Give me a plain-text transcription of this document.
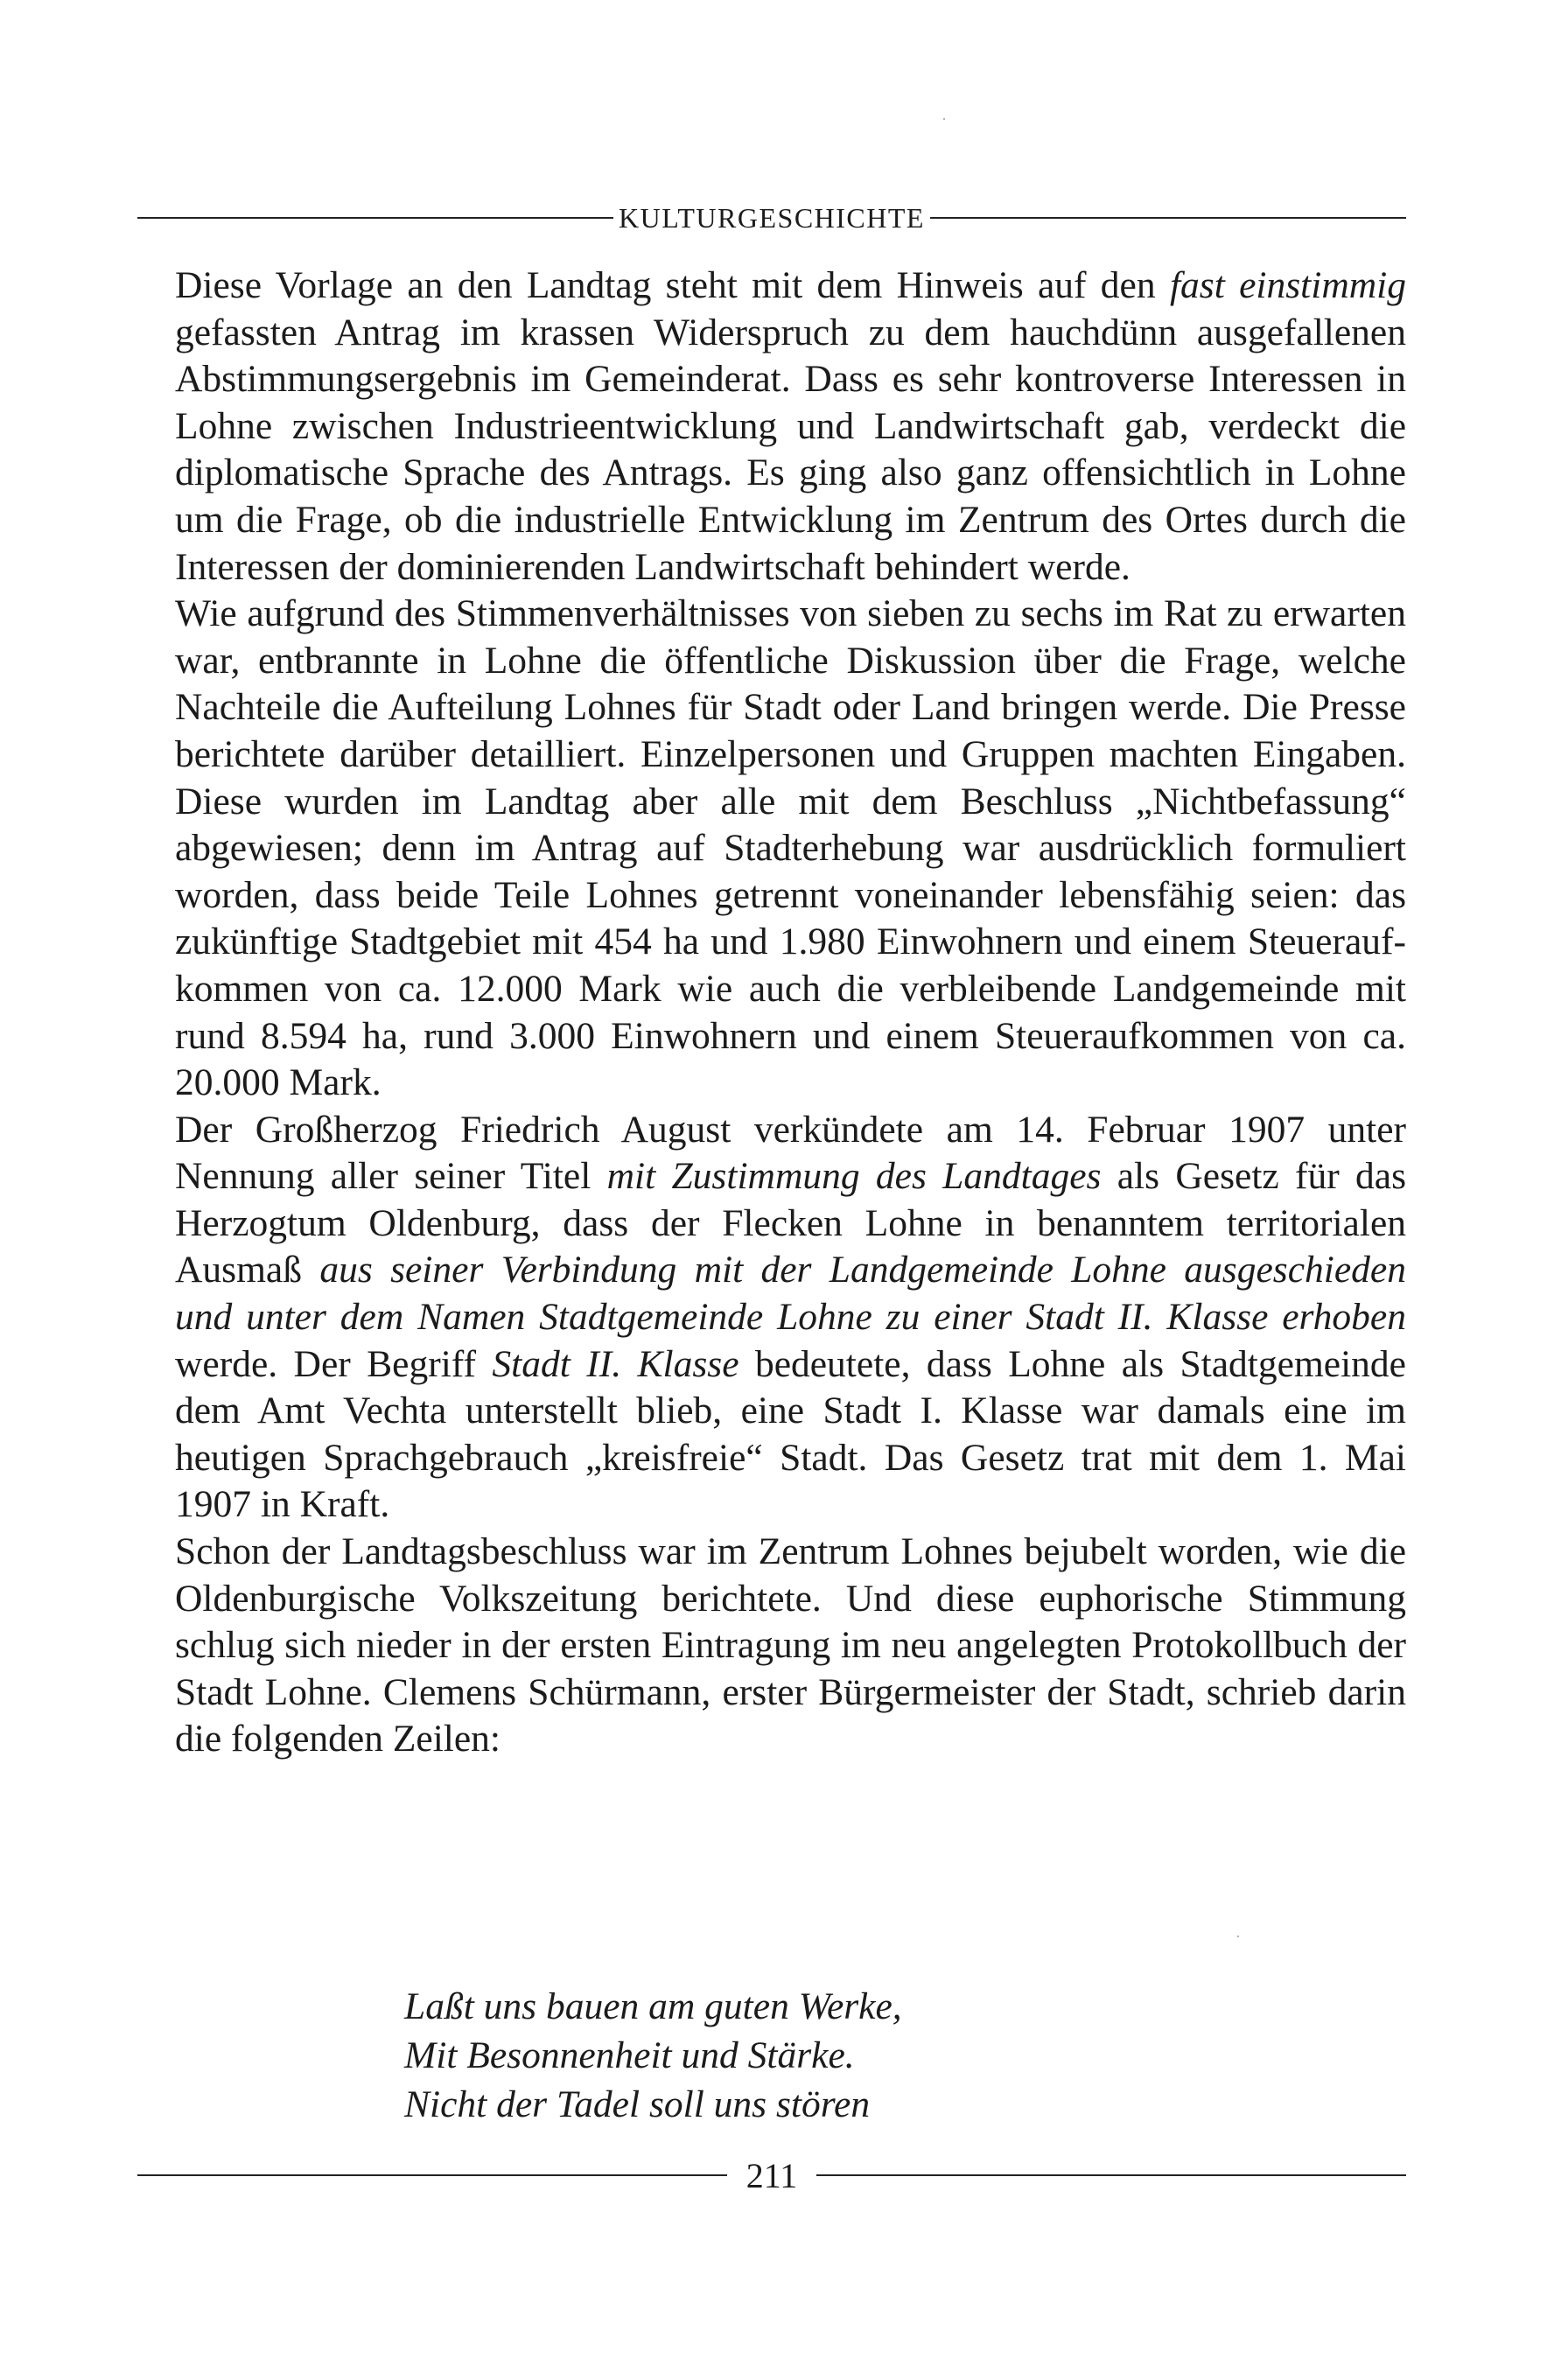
KULTURGESCHICHTE

Diese Vorlage an den Landtag steht mit dem Hinweis auf den fast einstimmig gefassten Antrag im krassen Widerspruch zu dem hauchdünn ausgefallenen Abstimmungsergebnis im Gemeinderat. Dass es sehr kontroverse Interessen in Lohne zwischen Industrieentwicklung und Landwirtschaft gab, verdeckt die diplomatische Sprache des Antrags. Es ging also ganz offensichtlich in Lohne um die Frage, ob die industrielle Entwicklung im Zentrum des Ortes durch die Interessen der dominierenden Landwirtschaft behindert werde.

Wie aufgrund des Stimmenverhältnisses von sieben zu sechs im Rat zu erwarten war, entbrannte in Lohne die öffentliche Diskussion über die Frage, welche Nachteile die Aufteilung Lohnes für Stadt oder Land bringen werde. Die Presse berichtete darüber detailliert. Einzelpersonen und Gruppen machten Eingaben. Diese wurden im Landtag aber alle mit dem Beschluss „Nichtbefassung“ abgewiesen; denn im Antrag auf Stadterhebung war ausdrücklich formuliert worden, dass beide Teile Lohnes getrennt voneinander lebensfähig seien: das zukünftige Stadtgebiet mit 454 ha und 1.980 Einwohnern und einem Steueraufkommen von ca. 12.000 Mark wie auch die verbleibende Landgemeinde mit rund 8.594 ha, rund 3.000 Einwohnern und einem Steueraufkommen von ca. 20.000 Mark.

Der Großherzog Friedrich August verkündete am 14. Februar 1907 unter Nennung aller seiner Titel mit Zustimmung des Landtages als Gesetz für das Herzogtum Oldenburg, dass der Flecken Lohne in benanntem territorialen Ausmaß aus seiner Verbindung mit der Landgemeinde Lohne ausgeschieden und unter dem Namen Stadtgemeinde Lohne zu einer Stadt II. Klasse erhoben werde. Der Begriff Stadt II. Klasse bedeutete, dass Lohne als Stadtgemeinde dem Amt Vechta unterstellt blieb, eine Stadt I. Klasse war damals eine im heutigen Sprachgebrauch „kreisfreie“ Stadt. Das Gesetz trat mit dem 1. Mai 1907 in Kraft.

Schon der Landtagsbeschluss war im Zentrum Lohnes bejubelt worden, wie die Oldenburgische Volkszeitung berichtete. Und diese euphorische Stimmung schlug sich nieder in der ersten Eintragung im neu angelegten Protokollbuch der Stadt Lohne. Clemens Schürmann, erster Bürgermeister der Stadt, schrieb darin die folgenden Zeilen:

Laßt uns bauen am guten Werke,
Mit Besonnenheit und Stärke.
Nicht der Tadel soll uns stören
211
